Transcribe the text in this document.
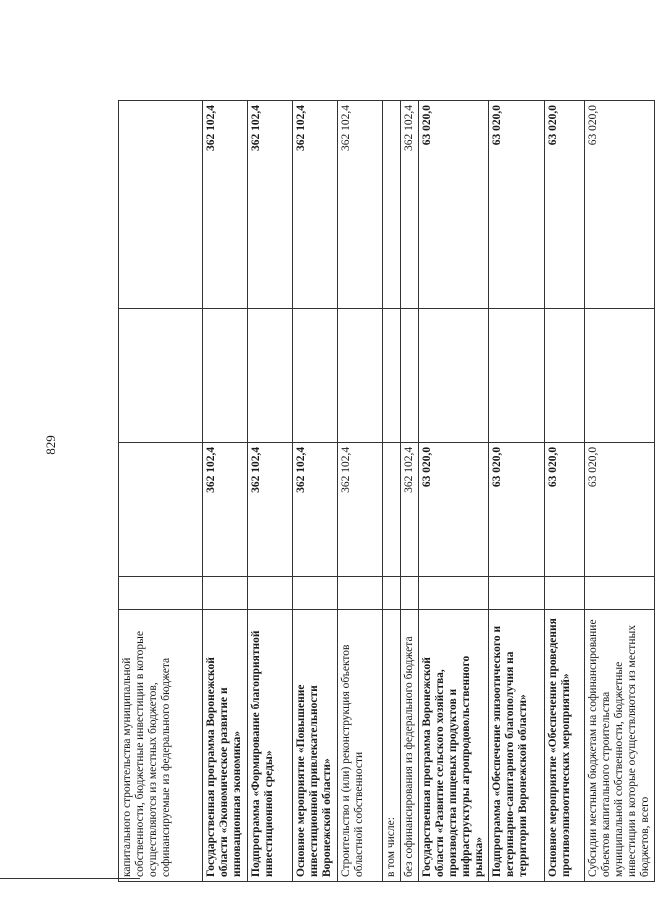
829
капитального строительства муниципальной собственности, бюджетные инвестиции в которые осуществляются из местных бюджетов, софинансируемые из федерального бюджета				
Государственная программа Воронежской области «Экономическое развитие и инновационная экономика»		362 102,4		362 102,4
Подпрограмма «Формирование благоприятной инвестиционной среды»		362 102,4		362 102,4
Основное мероприятие «Повышение инвестиционной привлекательности Воронежской области»		362 102,4		362 102,4
Строительство и (или) реконструкция объектов областной собственности		362 102,4		362 102,4
в том числе:				
без софинансирования из федерального бюджета		362 102,4		362 102,4
Государственная программа Воронежской области «Развитие сельского хозяйства, производства пищевых продуктов и инфраструктуры агропродовольственного рынка»		63 020,0		63 020,0
Подпрограмма «Обеспечение эпизоотического и ветеринарно-санитарного благополучия на территории Воронежской области»		63 020,0		63 020,0
Основное мероприятие «Обеспечение проведения противоэпизоотических мероприятий»		63 020,0		63 020,0
Субсидии местным бюджетам на софинансирование объектов капитального строительства муниципальной собственности, бюджетные инвестиции в которые осуществляются из местных бюджетов, всего		63 020,0		63 020,0
